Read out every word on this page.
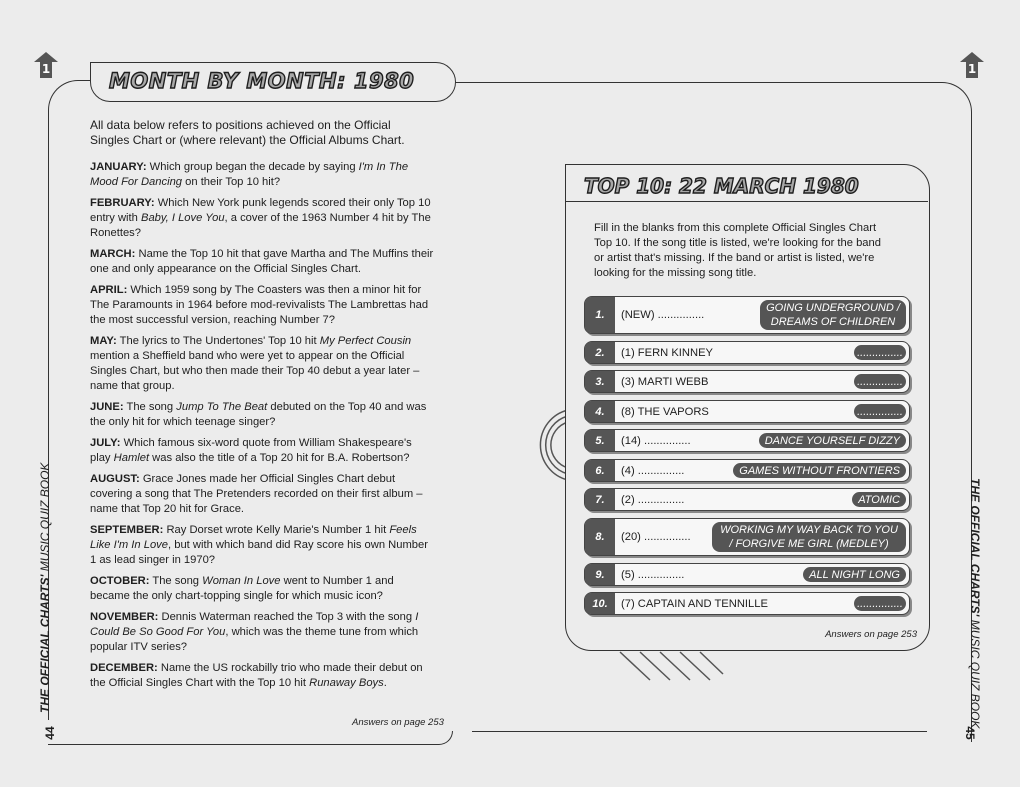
1	1
MONTH BY MONTH: 1980
All data below refers to positions achieved on the Official Singles Chart or (where relevant) the Official Albums Chart.

JANUARY: Which group began the decade by saying I'm In The Mood For Dancing on their Top 10 hit?

FEBRUARY: Which New York punk legends scored their only Top 10 entry with Baby, I Love You, a cover of the 1963 Number 4 hit by The Ronettes?

MARCH: Name the Top 10 hit that gave Martha and The Muffins their one and only appearance on the Official Singles Chart.

APRIL: Which 1959 song by The Coasters was then a minor hit for The Paramounts in 1964 before mod-revivalists The Lambrettas had the most successful version, reaching Number 7?

MAY: The lyrics to The Undertones' Top 10 hit My Perfect Cousin mention a Sheffield band who were yet to appear on the Official Singles Chart, but who then made their Top 40 debut a year later – name that group.

JUNE: The song Jump To The Beat debuted on the Top 40 and was the only hit for which teenage singer?

JULY: Which famous six-word quote from William Shakespeare's play Hamlet was also the title of a Top 20 hit for B.A. Robertson?

AUGUST: Grace Jones made her Official Singles Chart debut covering a song that The Pretenders recorded on their first album – name that Top 20 hit for Grace.

SEPTEMBER: Ray Dorset wrote Kelly Marie's Number 1 hit Feels Like I'm In Love, but with which band did Ray score his own Number 1 as lead singer in 1970?

OCTOBER: The song Woman In Love went to Number 1 and became the only chart-topping single for which music icon?

NOVEMBER: Dennis Waterman reached the Top 3 with the song I Could Be So Good For You, which was the theme tune from which popular ITV series?

DECEMBER: Name the US rockabilly trio who made their debut on the Official Singles Chart with the Top 10 hit Runaway Boys.

Answers on page 253
THE OFFICIAL CHARTS' MUSIC QUIZ BOOK	THE OFFICIAL CHARTS' MUSIC QUIZ BOOK
44	45
TOP 10: 22 MARCH 1980
Fill in the blanks from this complete Official Singles Chart Top 10. If the song title is listed, we're looking for the band or artist that's missing. If the band or artist is listed, we're looking for the missing song title.
Answers on page 253
1.	(NEW) ...............
GOING UNDERGROUND / DREAMS OF CHILDREN
2.	(1) FERN KINNEY	...............
3.	(3) MARTI WEBB	...............
4.	(8) THE VAPORS	...............
5.	(14) ...............	DANCE YOURSELF DIZZY
6.	(4) ...............	GAMES WITHOUT FRONTIERS
7.	(2) ...............	ATOMIC
8.	(20) ...............
WORKING MY WAY BACK TO YOU / FORGIVE ME GIRL (MEDLEY)
9.	(5) ...............	ALL NIGHT LONG
10.	(7) CAPTAIN AND TENNILLE	...............
